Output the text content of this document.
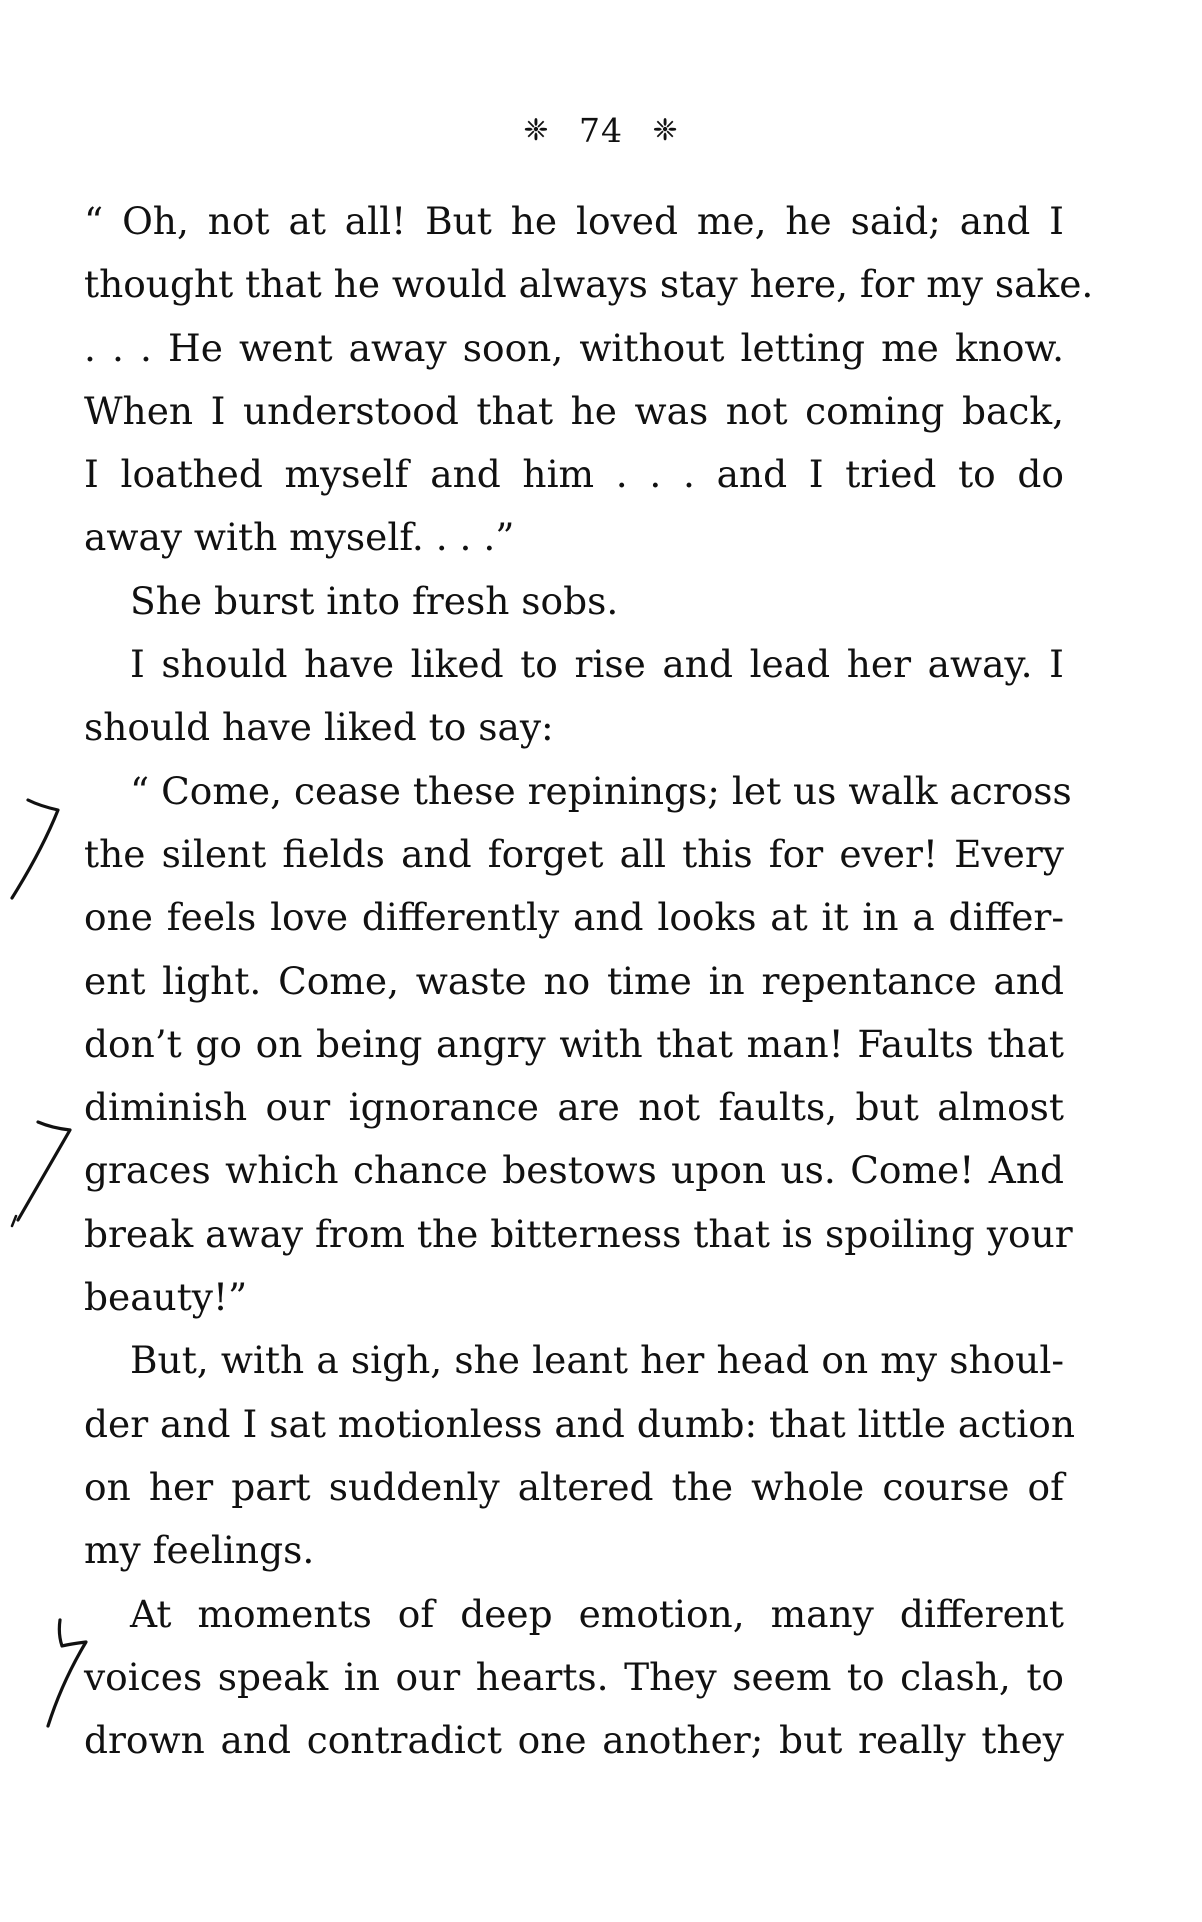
❈ 74 ❈
“ Oh, not at all! But he loved me, he said; and I
thought that he would always stay here, for my sake.
. . . He went away soon, without letting me know.
When I understood that he was not coming back,
I loathed myself and him . . . and I tried to do
away with myself. . . .”
She burst into fresh sobs.
I should have liked to rise and lead her away. I
should have liked to say:
“ Come, cease these repinings; let us walk across
the silent fields and forget all this for ever! Every
one feels love differently and looks at it in a differ-
ent light. Come, waste no time in repentance and
don’t go on being angry with that man! Faults that
diminish our ignorance are not faults, but almost
graces which chance bestows upon us. Come! And
break away from the bitterness that is spoiling your
beauty!”
But, with a sigh, she leant her head on my shoul-
der and I sat motionless and dumb: that little action
on her part suddenly altered the whole course of
my feelings.
At moments of deep emotion, many different
voices speak in our hearts. They seem to clash, to
drown and contradict one another; but really they
